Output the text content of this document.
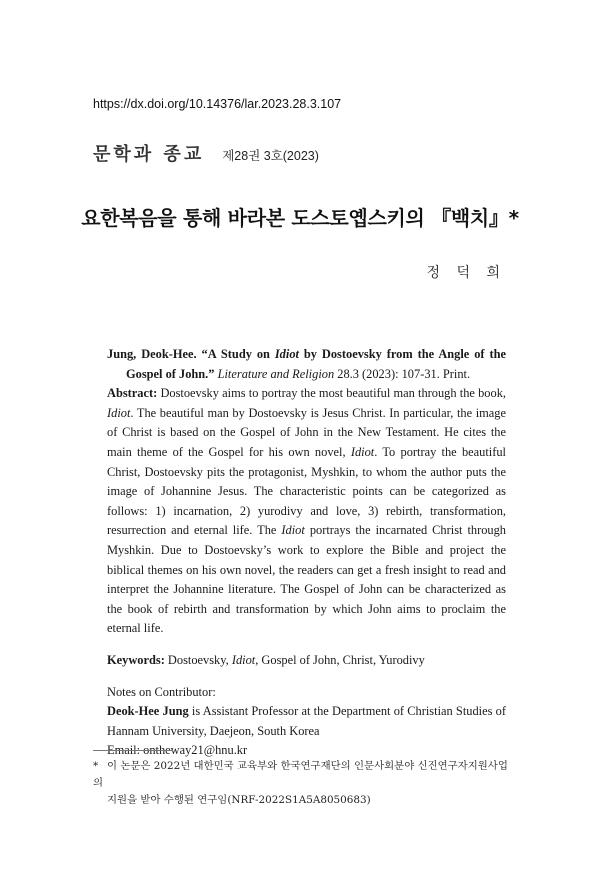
https://dx.doi.org/10.14376/lar.2023.28.3.107
문학과 종교 제28권 3호(2023)
요한복음을 통해 바라본 도스토옙스키의 『백치』*
정 덕 희

Jung, Deok-Hee. “A Study on Idiot by Dostoevsky from the Angle of the Gospel of John.” Literature and Religion 28.3 (2023): 107-31. Print.

Abstract: Dostoevsky aims to portray the most beautiful man through the book, Idiot. The beautiful man by Dostoevsky is Jesus Christ. In particular, the image of Christ is based on the Gospel of John in the New Testament. He cites the main theme of the Gospel for his own novel, Idiot. To portray the beautiful Christ, Dostoevsky pits the protagonist, Myshkin, to whom the author puts the image of Johannine Jesus. The characteristic points can be categorized as follows: 1) incarnation, 2) yurodivy and love, 3) rebirth, transformation, resurrection and eternal life. The Idiot portrays the incarnated Christ through Myshkin. Due to Dostoevsky’s work to explore the Bible and project the biblical themes on his own novel, the readers can get a fresh insight to read and interpret the Johannine literature. The Gospel of John can be characterized as the book of rebirth and transformation by which John aims to proclaim the eternal life.

Keywords: Dostoevsky, Idiot, Gospel of John, Christ, Yurodivy

Notes on Contributor:

Deok-Hee Jung is Assistant Professor at the Department of Christian Studies of Hannam University, Daejeon, South Korea

Email: ontheway21@hnu.kr

* 이 논문은 2022년 대한민국 교육부와 한국연구재단의 인문사회분야 신진연구자지원사업의
지원을 받아 수행된 연구임(NRF-2022S1A5A8050683)
